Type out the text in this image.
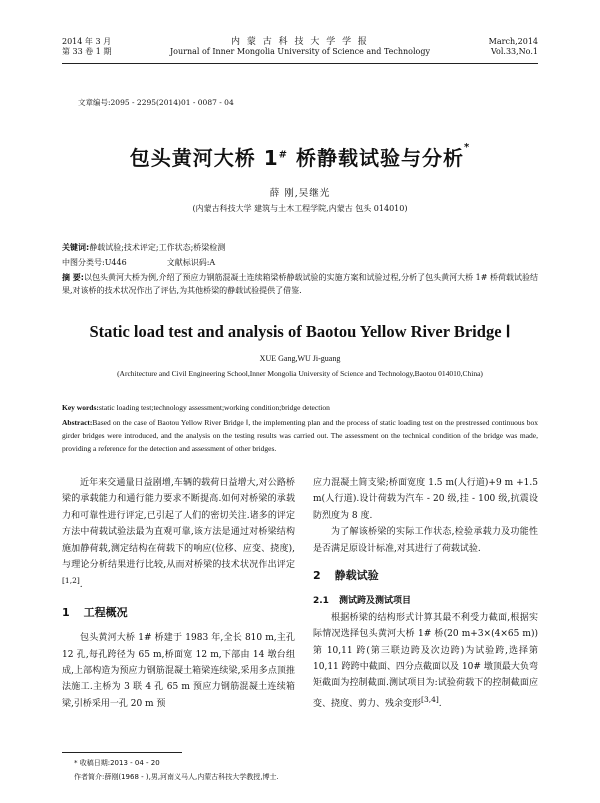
2014 年 3 月
第 33 卷 1 期
内 蒙 古 科 技 大 学 学 报
Journal of Inner Mongolia University of Science and Technology
March,2014
Vol.33,No.1
文章编号:2095 - 2295(2014)01 - 0087 - 04
包头黄河大桥 1# 桥静载试验与分析*
薛 刚,吴继光
(内蒙古科技大学 建筑与土木工程学院,内蒙古 包头 014010)
关键词:静载试验;技术评定;工作状态;桥梁检测
中图分类号:U446	文献标识码:A
摘 要:以包头黄河大桥为例,介绍了预应力钢筋混凝土连续箱梁桥静载试验的实施方案和试验过程,分析了包头黄河大桥 1# 桥荷载试验结果,对该桥的技术状况作出了评估,为其他桥梁的静载试验提供了借鉴.
Static load test and analysis of Baotou Yellow River Bridge Ⅰ
XUE Gang,WU Ji-guang
(Architecture and Civil Engineering School,Inner Mongolia University of Science and Technology,Baotou 014010,China)
Key words:static loading test;technology assessment;working condition;bridge detection
Abstract:Based on the case of Baotou Yellow River Bridge Ⅰ, the implementing plan and the process of static loading test on the prestressed continuous box girder bridges were introduced, and the analysis on the testing results was carried out. The assessment on the technical condition of the bridge was made, providing a reference for the detection and assessment of other bridges.

近年来交通量日益剧增,车辆的载荷日益增大,对公路桥梁的承载能力和通行能力要求不断提高.如何对桥梁的承载力和可靠性进行评定,已引起了人们的密切关注.诸多的评定方法中荷载试验法最为直观可靠,该方法是通过对桥梁结构施加静荷载,测定结构在荷载下的响应(位移、应变、挠度),与理论分析结果进行比较,从而对桥梁的技术状况作出评定[1,2].

1 工程概况

包头黄河大桥 1# 桥建于 1983 年,全长 810 m,主孔 12 孔,每孔跨径为 65 m,桥面宽 12 m,下部由 14 墩台组成,上部构造为预应力钢筋混凝土箱梁连续梁,采用多点顶推法施工.主桥为 3 联 4 孔 65 m 预应力钢筋混凝土连续箱梁,引桥采用一孔 20 m 预

应力混凝土简支梁;桥面宽度 1.5 m(人行道)+9 m +1.5 m(人行道).设计荷载为汽车 - 20 级,挂 - 100 级,抗震设防烈度为 8 度.

为了解该桥梁的实际工作状态,检验承载力及功能性是否满足原设计标准,对其进行了荷载试验.

2 静载试验
2.1 测试跨及测试项目

根据桥梁的结构形式计算其最不利受力截面,根据实际情况选择包头黄河大桥 1# 桥(20 m+3×(4×65 m))第 10,11 跨(第三联边跨及次边跨)为试验跨,选择第 10,11 跨跨中截面、四分点截面以及 10# 墩顶最大负弯矩截面为控制截面.测试项目为:试验荷载下的控制截面应变、挠度、剪力、残余变形[3,4].

* 收稿日期:2013 - 04 - 20
作者简介:薛刚(1968 - ),男,河南义马人,内蒙古科技大学教授,博士.
